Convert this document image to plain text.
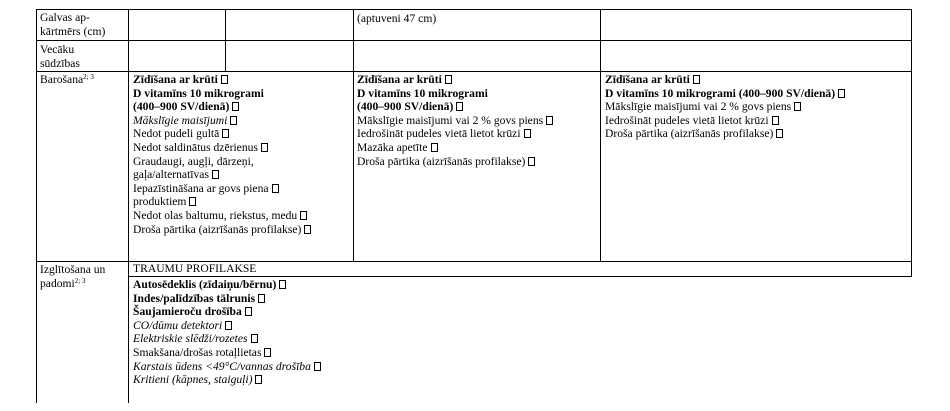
Galvas ap-
kārtmērs (cm)
(aptuveni 47 cm)
Vecāku
sūdzības
Barošana$^{2; 3}$	Zīdīšana ar krūti
D vitamīns 10 mikrogrami
(400–900 SV/dienā)
Mākslīgie maisījumi
Nedot pudeli gultā
Nedot saldinātus dzērienus
Graudaugi, augļi, dārzeņi,
gaļa/alternatīvas
Iepazīstināšana ar govs piena
produktiem
Nedot olas baltumu, riekstus, medu
Droša pārtika (aizrīšanās profilakse)
Zīdīšana ar krūti
D vitamīns 10 mikrogrami
(400–900 SV/dienā)
Mākslīgie maisījumi vai 2 % govs piens
Iedrošināt pudeles vietā lietot krūzi
Mazāka apetīte
Droša pārtika (aizrīšanās profilakse)
Zīdīšana ar krūti
D vitamīns 10 mikrogrami (400–900 SV/dienā)
Mākslīgie maisījumi vai 2 % govs piens
Iedrošināt pudeles vietā lietot krūzi
Droša pārtika (aizrīšanās profilakse)
Izglītošana un
padomi$^{2; 3}$
TRAUMU PROFILAKSE
Autosēdeklis (zīdaiņu/bērnu)
Indes/palīdzības tālrunis
Šaujamieroču drošība
CO/dūmu detektori
Elektriskie slēdži/rozetes
Smakšana/drošas rotaļlietas
Karstais ūdens <49°C/vannas drošība
Kritieni (kāpnes, staiguļi)
